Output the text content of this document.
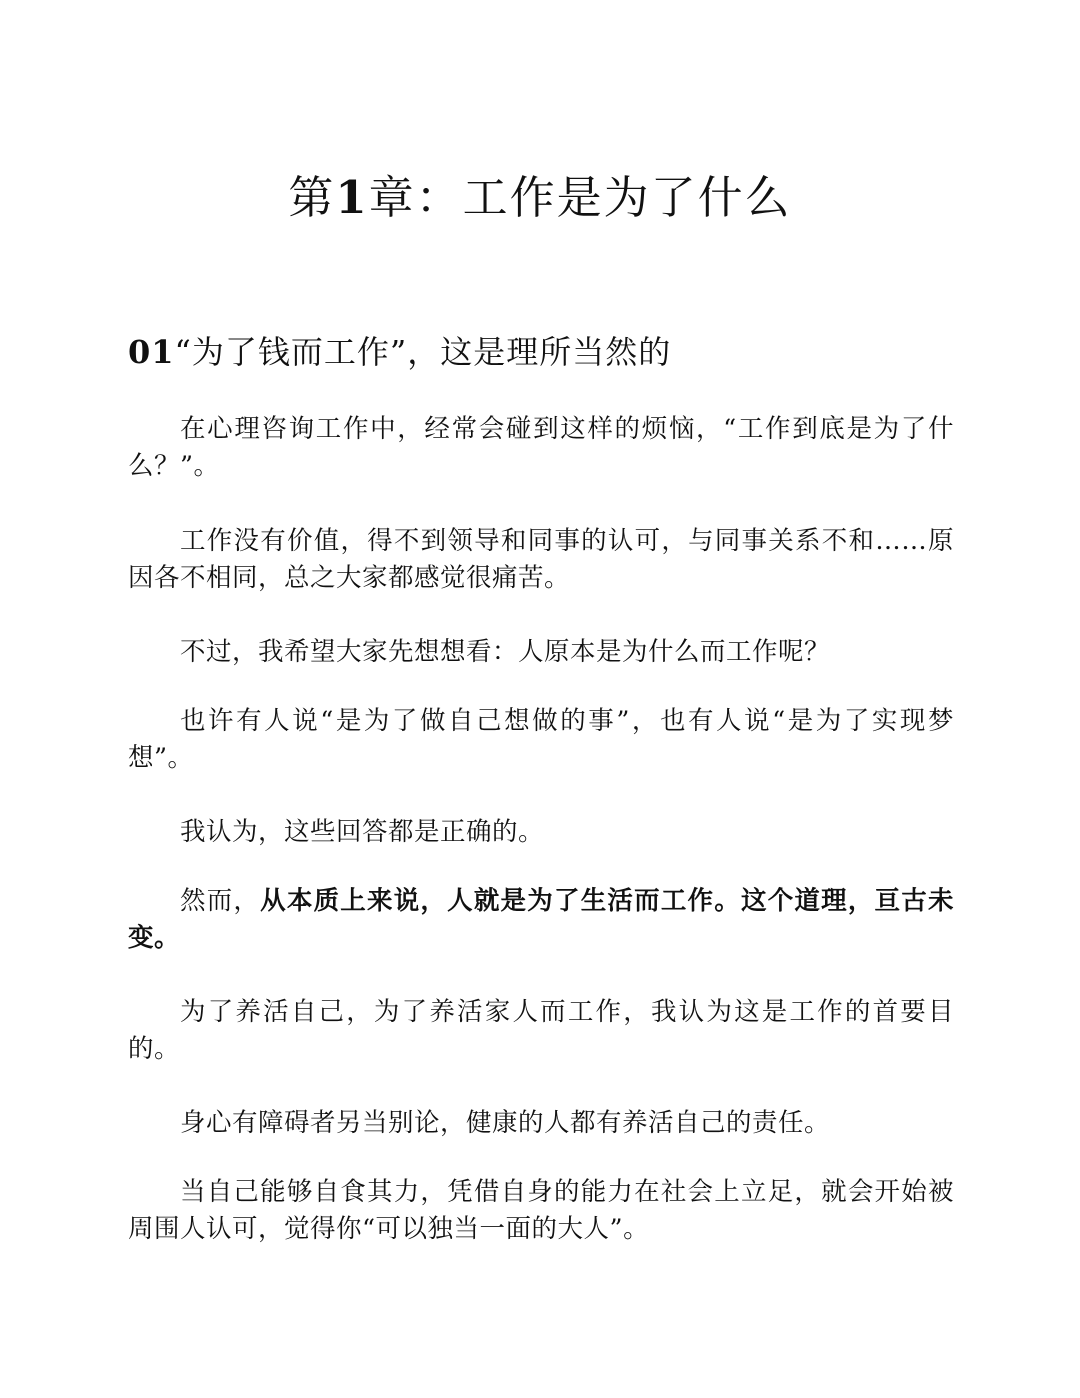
第1章：工作是为了什么
01“为了钱而工作”，这是理所当然的

在心理咨询工作中，经常会碰到这样的烦恼，“工作到底是为了什么？”。

工作没有价值，得不到领导和同事的认可，与同事关系不和……原因各不相同，总之大家都感觉很痛苦。

不过，我希望大家先想想看：人原本是为什么而工作呢？

也许有人说“是为了做自己想做的事”，也有人说“是为了实现梦想”。

我认为，这些回答都是正确的。

然而，从本质上来说，人就是为了生活而工作。这个道理，亘古未变。

为了养活自己，为了养活家人而工作，我认为这是工作的首要目的。

身心有障碍者另当别论，健康的人都有养活自己的责任。

当自己能够自食其力，凭借自身的能力在社会上立足，就会开始被周围人认可，觉得你“可以独当一面的大人”。
